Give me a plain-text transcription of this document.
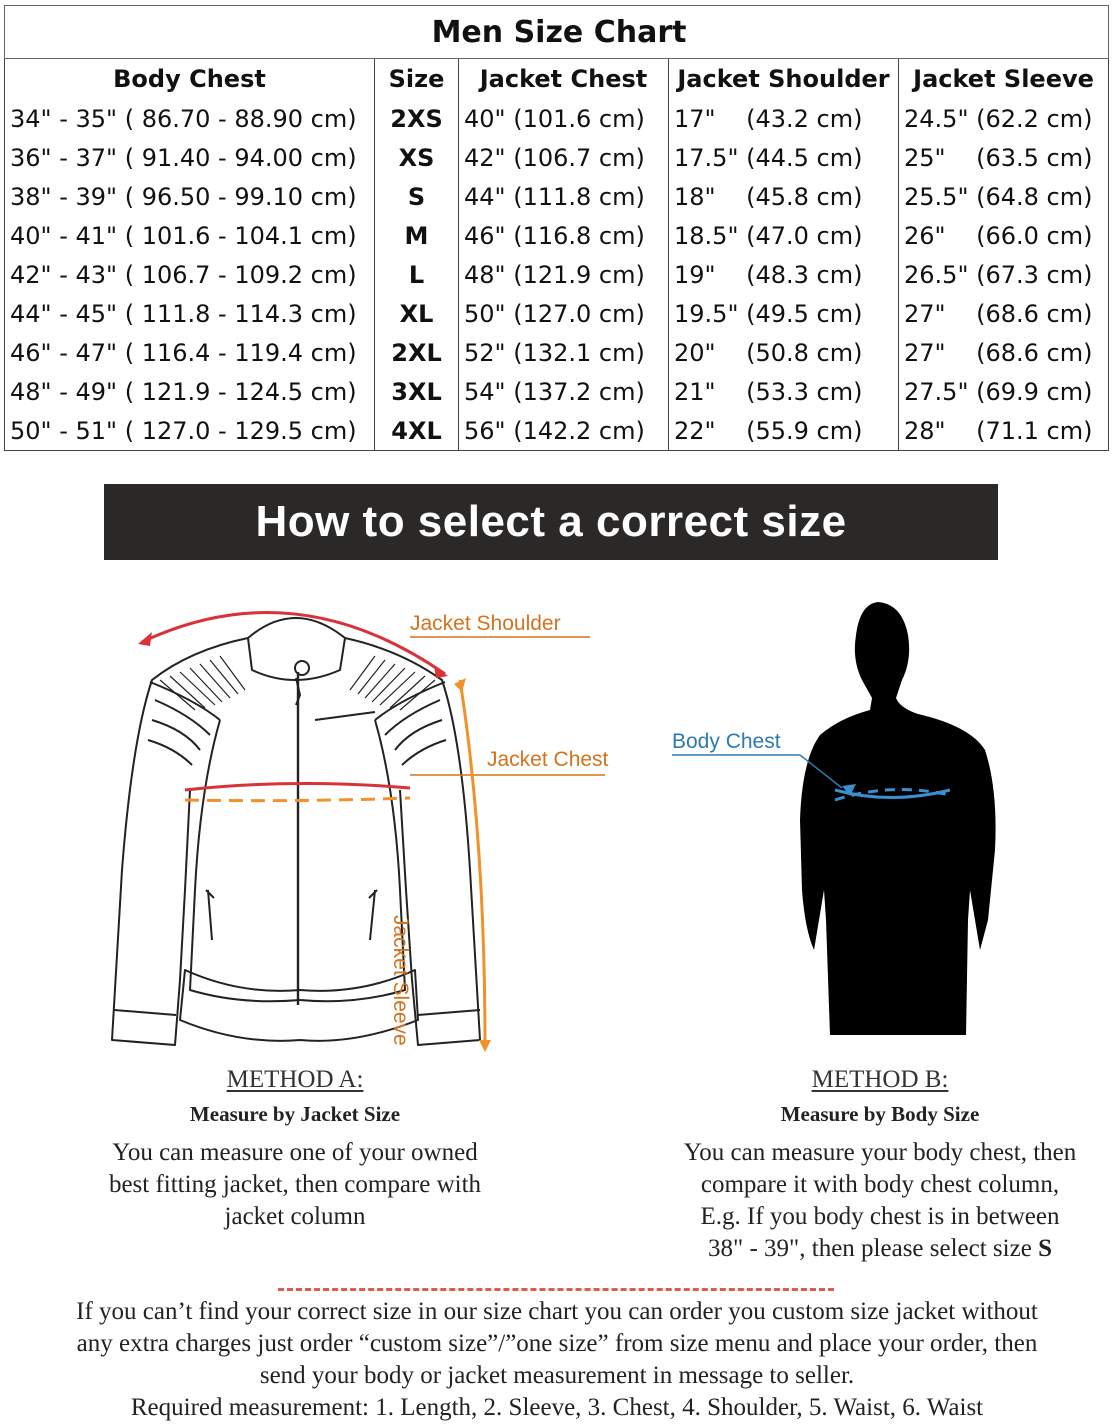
Men Size Chart				
Body Chest	Size	Jacket Chest	Jacket Shoulder	Jacket Sleeve
34" - 35" ( 86.70 - 88.90 cm)	2XS	40" (101.6 cm)	17"    (43.2 cm)	24.5" (62.2 cm)
36" - 37" ( 91.40 - 94.00 cm)	XS	42" (106.7 cm)	17.5" (44.5 cm)	25"    (63.5 cm)
38" - 39" ( 96.50 - 99.10 cm)	S	44" (111.8 cm)	18"    (45.8 cm)	25.5" (64.8 cm)
40" - 41" ( 101.6 - 104.1 cm)	M	46" (116.8 cm)	18.5" (47.0 cm)	26"    (66.0 cm)
42" - 43" ( 106.7 - 109.2 cm)	L	48" (121.9 cm)	19"    (48.3 cm)	26.5" (67.3 cm)
44" - 45" ( 111.8 - 114.3 cm)	XL	50" (127.0 cm)	19.5" (49.5 cm)	27"    (68.6 cm)
46" - 47" ( 116.4 - 119.4 cm)	2XL	52" (132.1 cm)	20"    (50.8 cm)	27"    (68.6 cm)
48" - 49" ( 121.9 - 124.5 cm)	3XL	54" (137.2 cm)	21"    (53.3 cm)	27.5" (69.9 cm)
50" - 51" ( 127.0 - 129.5 cm)	4XL	56" (142.2 cm)	22"    (55.9 cm)	28"    (71.1 cm)
How to select a correct size
Jacket Shoulder
Jacket Chest
Jacket Sleeve
Body Chest
METHOD A:
Measure by Jacket Size
You can measure one of your owned
best fitting jacket, then compare with
jacket column
METHOD B:
Measure by Body Size
You can measure your body chest, then
compare it with body chest column,
E.g. If you body chest is in between
38" - 39", then please select size S
If you can’t find your correct size in our size chart you can order you custom size jacket without
any extra charges just order “custom size”/”one size” from size menu and place your order, then
send your body or jacket measurement in message to seller.
Required measurement: 1. Length, 2. Sleeve, 3. Chest, 4. Shoulder, 5. Waist, 6. Waist
